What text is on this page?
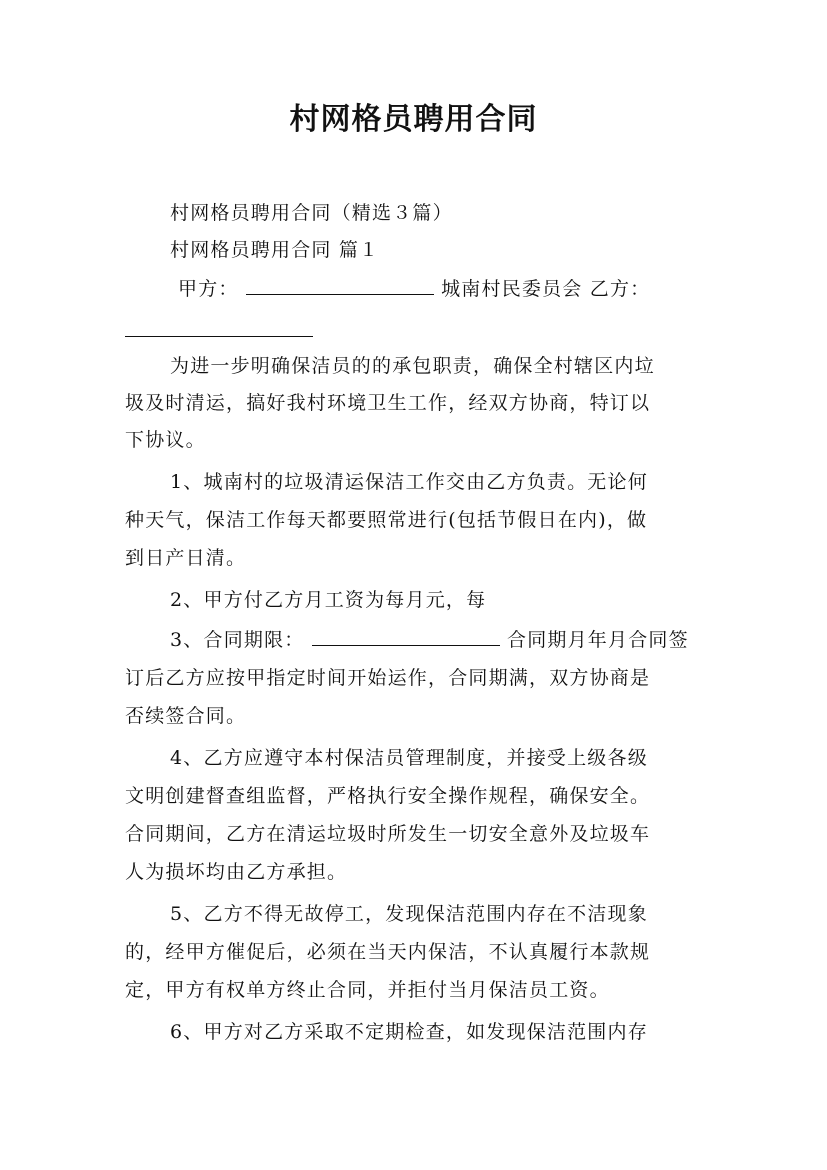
村网格员聘用合同
村网格员聘用合同（精选３篇）
村网格员聘用合同 篇１
甲方：	城南村民委员会 乙方：
为进一步明确保洁员的的承包职责，确保全村辖区内垃
圾及时清运，搞好我村环境卫生工作，经双方协商，特订以
下协议。
1、城南村的垃圾清运保洁工作交由乙方负责。无论何
种天气，保洁工作每天都要照常进行(包括节假日在内)，做
到日产日清。
2、甲方付乙方月工资为每月元，每
3、合同期限：	合同期月年月合同签
订后乙方应按甲指定时间开始运作，合同期满，双方协商是
否续签合同。
4、乙方应遵守本村保洁员管理制度，并接受上级各级
文明创建督查组监督，严格执行安全操作规程，确保安全。
合同期间，乙方在清运垃圾时所发生一切安全意外及垃圾车
人为损坏均由乙方承担。
5、乙方不得无故停工，发现保洁范围内存在不洁现象
的，经甲方催促后，必须在当天内保洁，不认真履行本款规
定，甲方有权单方终止合同，并拒付当月保洁员工资。
6、甲方对乙方采取不定期检查，如发现保洁范围内存
